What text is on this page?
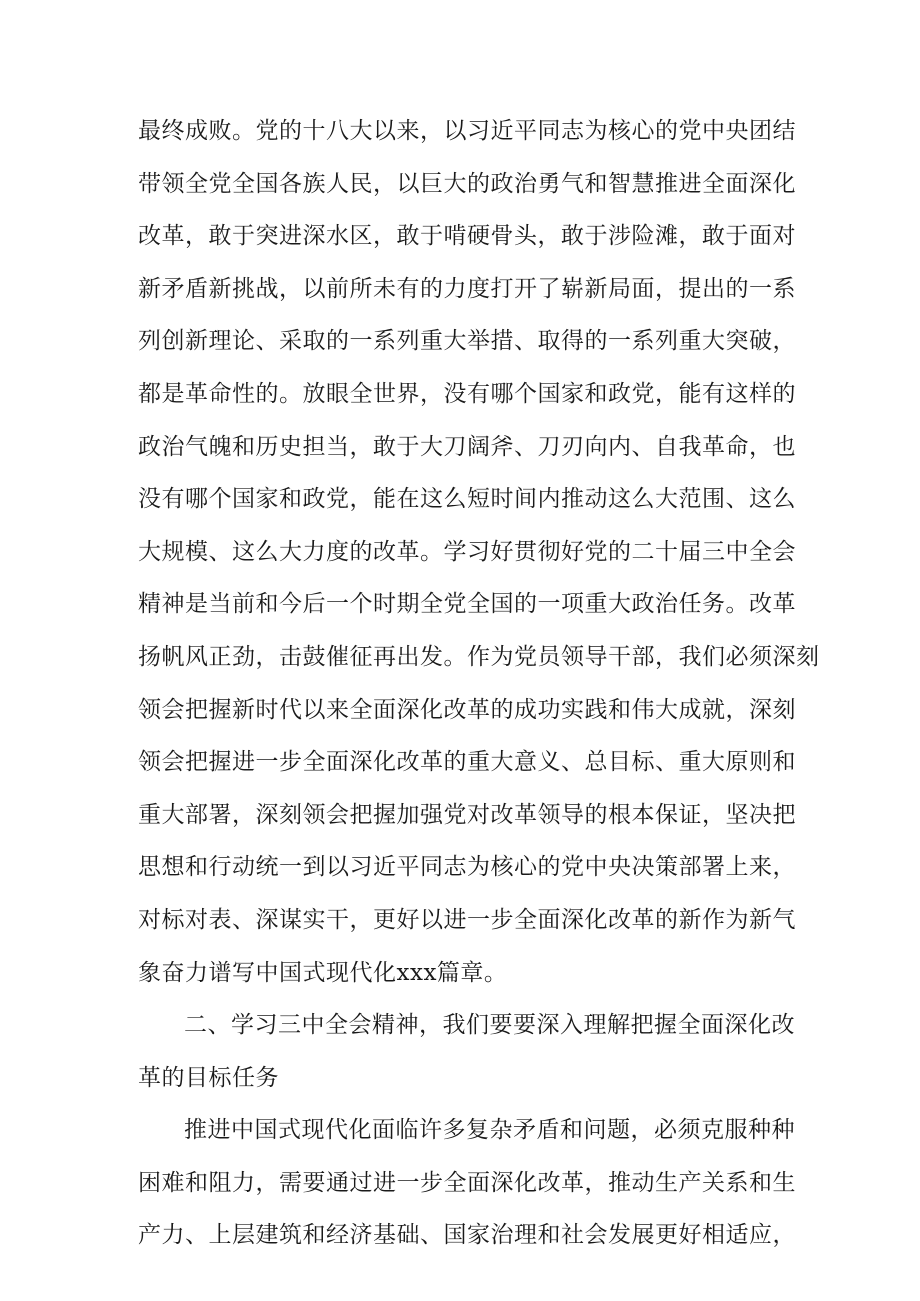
最终成败。党的十八大以来，以习近平同志为核心的党中央团结
带领全党全国各族人民，以巨大的政治勇气和智慧推进全面深化
改革，敢于突进深水区，敢于啃硬骨头，敢于涉险滩，敢于面对
新矛盾新挑战，以前所未有的力度打开了崭新局面，提出的一系
列创新理论、采取的一系列重大举措、取得的一系列重大突破，
都是革命性的。放眼全世界，没有哪个国家和政党，能有这样的
政治气魄和历史担当，敢于大刀阔斧、刀刃向内、自我革命，也
没有哪个国家和政党，能在这么短时间内推动这么大范围、这么
大规模、这么大力度的改革。学习好贯彻好党的二十届三中全会
精神是当前和今后一个时期全党全国的一项重大政治任务。改革
扬帆风正劲，击鼓催征再出发。作为党员领导干部，我们必须深刻
领会把握新时代以来全面深化改革的成功实践和伟大成就，深刻
领会把握进一步全面深化改革的重大意义、总目标、重大原则和
重大部署，深刻领会把握加强党对改革领导的根本保证，坚决把
思想和行动统一到以习近平同志为核心的党中央决策部署上来，
对标对表、深谋实干，更好以进一步全面深化改革的新作为新气
象奋力谱写中国式现代化xxx篇章。
二、学习三中全会精神，我们要要深入理解把握全面深化改
革的目标任务
推进中国式现代化面临许多复杂矛盾和问题，必须克服种种
困难和阻力，需要通过进一步全面深化改革，推动生产关系和生
产力、上层建筑和经济基础、国家治理和社会发展更好相适应，
